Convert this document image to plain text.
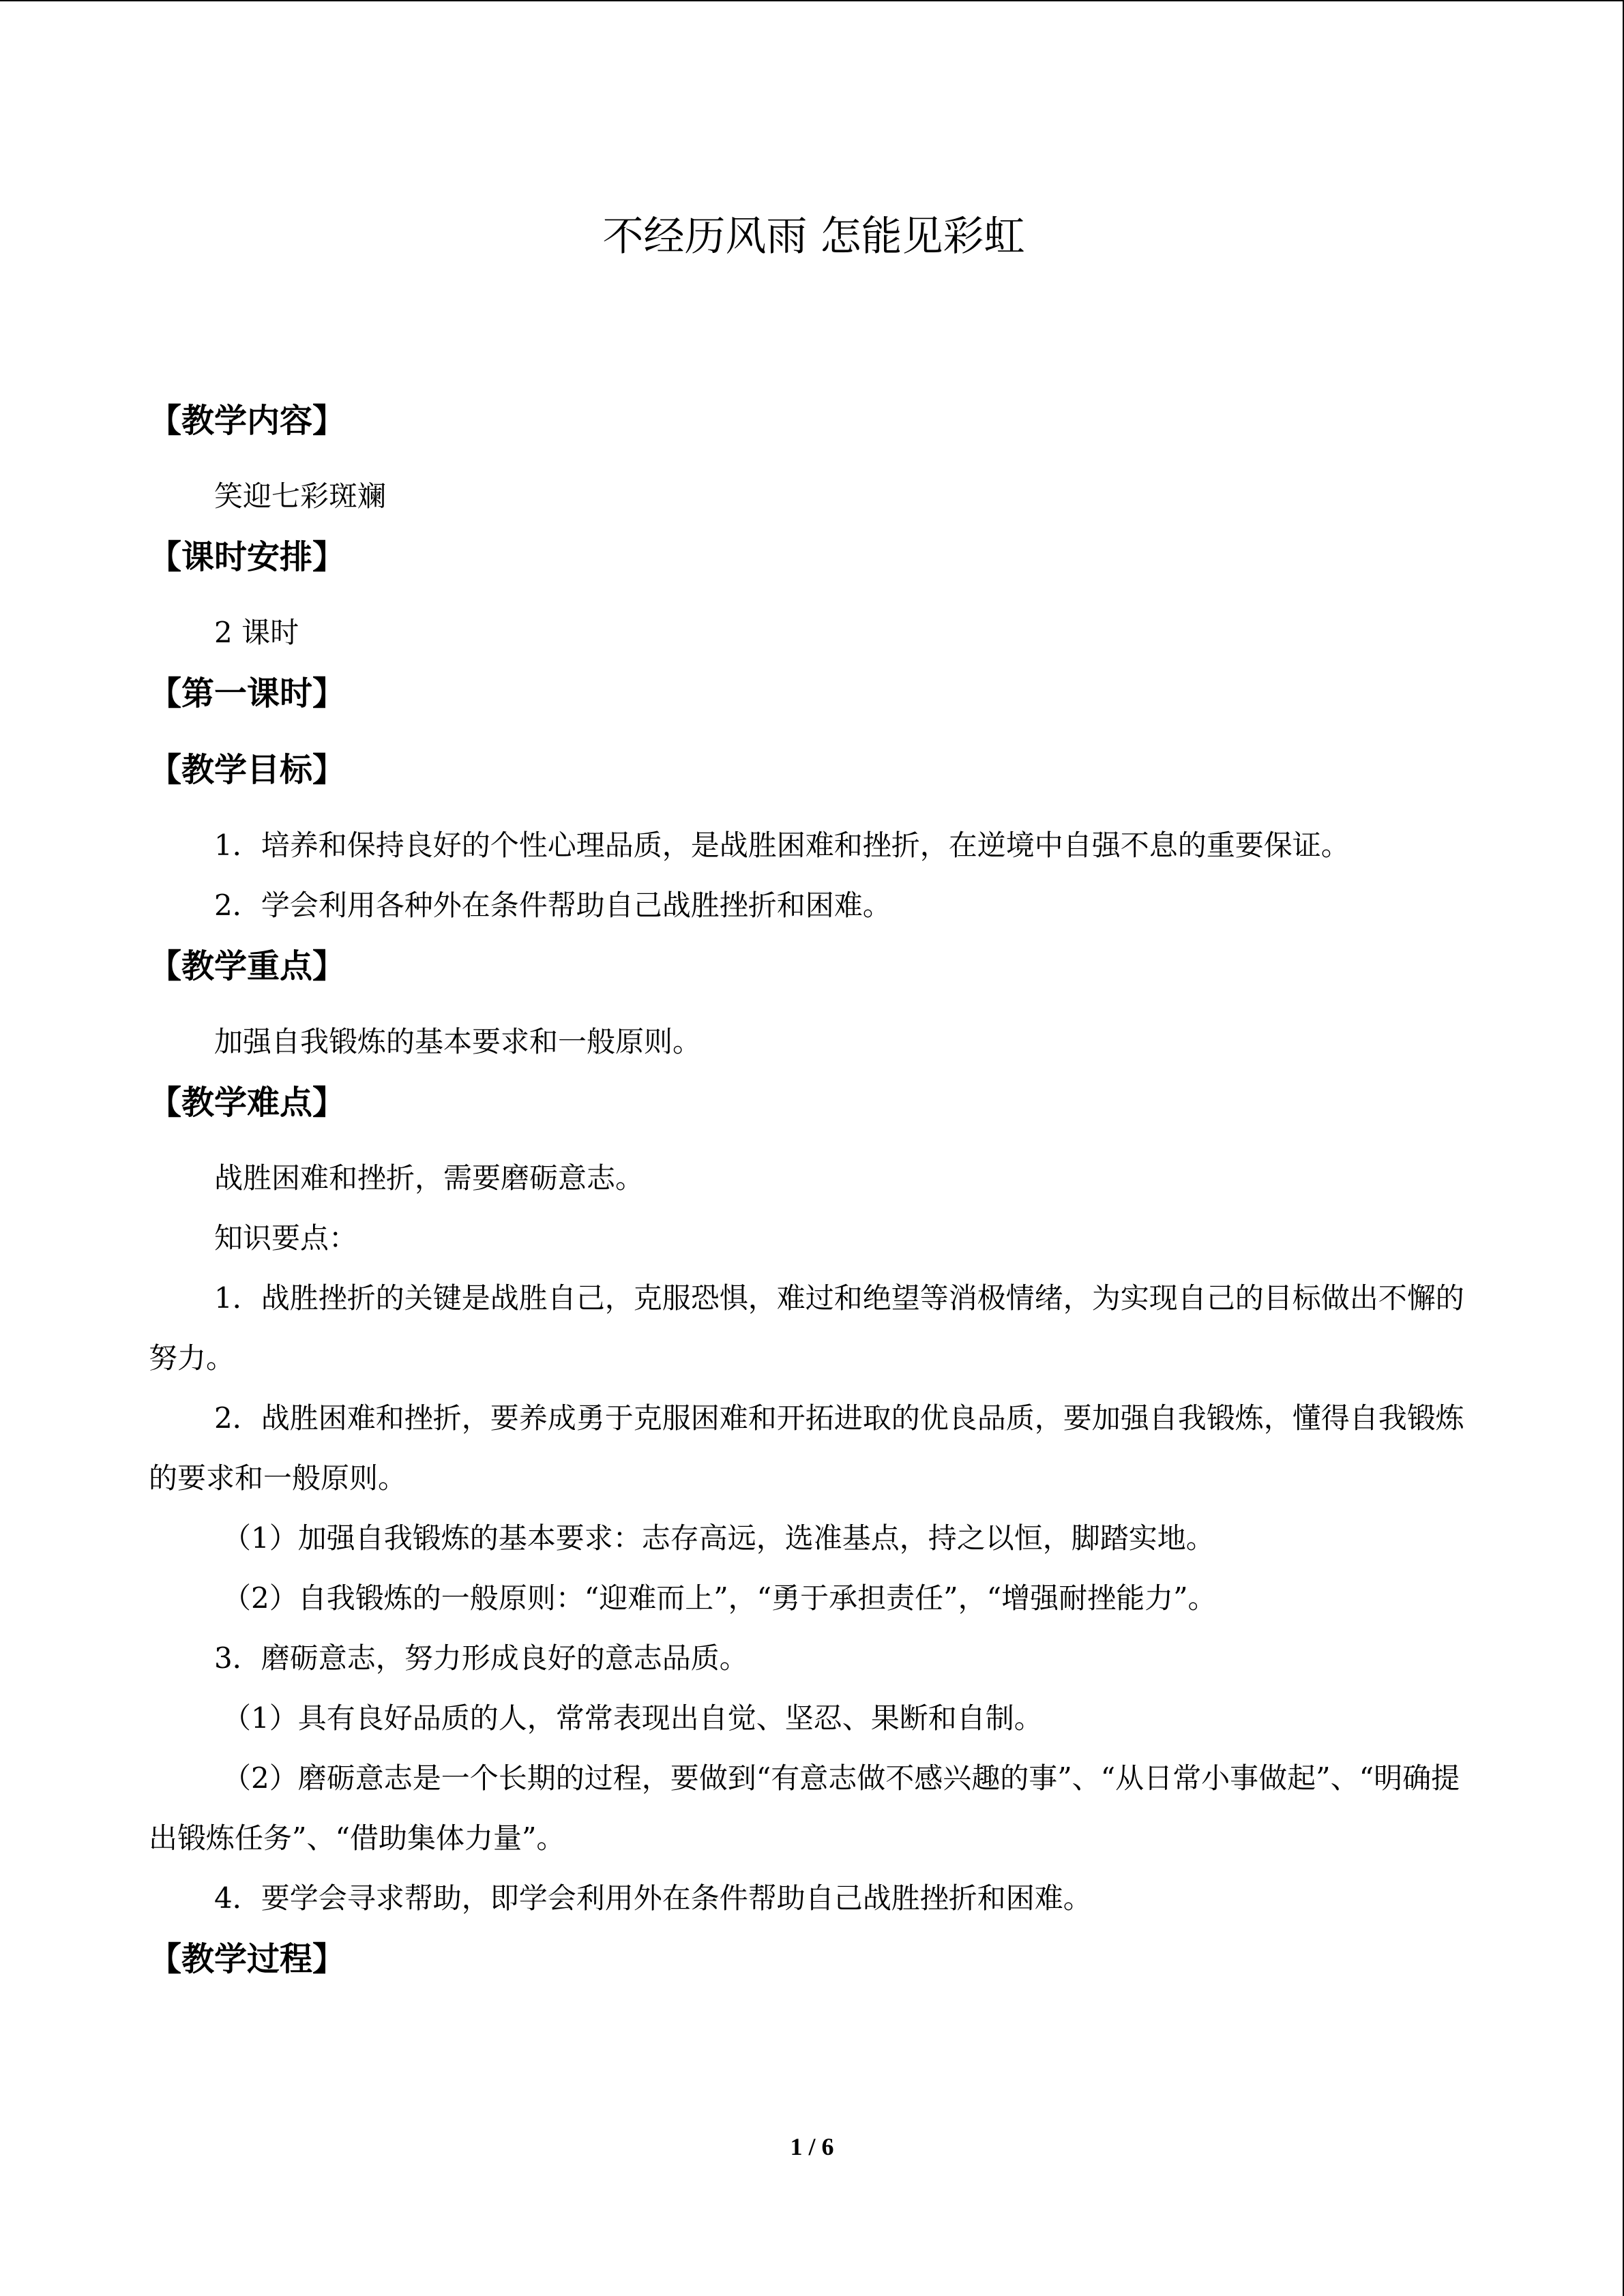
不经历风雨 怎能见彩虹
【教学内容】

笑迎七彩斑斓

【课时安排】

2 课时

【第一课时】
【教学目标】

1．培养和保持良好的个性心理品质，是战胜困难和挫折，在逆境中自强不息的重要保证。

2．学会利用各种外在条件帮助自己战胜挫折和困难。

【教学重点】

加强自我锻炼的基本要求和一般原则。

【教学难点】

战胜困难和挫折，需要磨砺意志。

知识要点：

1．战胜挫折的关键是战胜自己，克服恐惧，难过和绝望等消极情绪，为实现自己的目标做出不懈的努力。

2．战胜困难和挫折，要养成勇于克服困难和开拓进取的优良品质，要加强自我锻炼，懂得自我锻炼的要求和一般原则。

（1）加强自我锻炼的基本要求：志存高远，选准基点，持之以恒，脚踏实地。

（2）自我锻炼的一般原则：“迎难而上”，“勇于承担责任”，“增强耐挫能力”。

3．磨砺意志，努力形成良好的意志品质。

（1）具有良好品质的人，常常表现出自觉、坚忍、果断和自制。

（2）磨砺意志是一个长期的过程，要做到“有意志做不感兴趣的事”、“从日常小事做起”、“明确提出锻炼任务”、“借助集体力量”。

4．要学会寻求帮助，即学会利用外在条件帮助自己战胜挫折和困难。

【教学过程】
1 / 6
